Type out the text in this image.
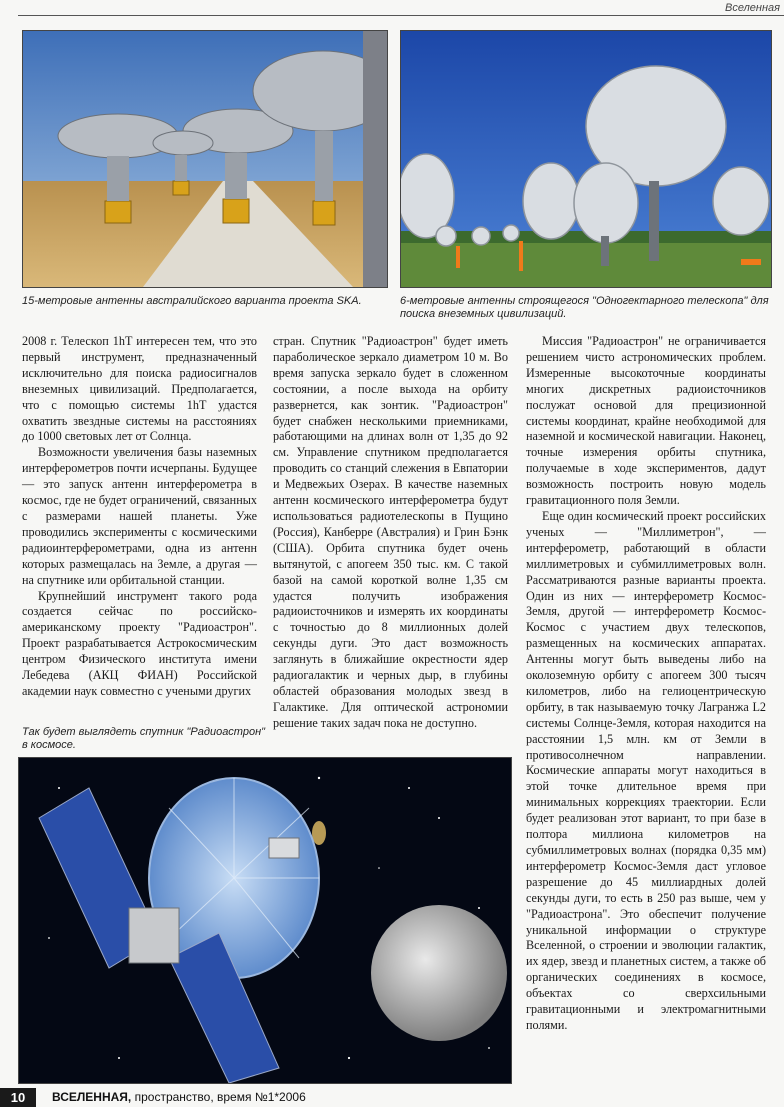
Вселенная
15-метровые антенны австралийского варианта проекта SKA.	6-метровые антенны строящегося "Одногектарного телескопа" для поиска внеземных цивилизаций.

2008 г. Телескоп 1hT интересен тем, что это первый инструмент, предназначенный исключительно для поиска радиосигналов внеземных цивилизаций. Предполагается, что с помощью системы 1hT удастся охватить звездные системы на расстояниях до 1000 световых лет от Солнца.

Возможности увеличения базы наземных интерферометров почти исчерпаны. Будущее — это запуск антенн интерферометра в космос, где не будет ограничений, связанных с размерами нашей планеты. Уже проводились эксперименты с космическими радиоинтерферометрами, одна из антенн которых размещалась на Земле, а другая — на спутнике или орбитальной станции.

Крупнейший инструмент такого рода создается сейчас по российско-американскому проекту "Радиоастрон". Проект разрабатывается Астрокосмическим центром Физического института имени Лебедева (АКЦ ФИАН) Российской академии наук совместно с учеными других

Так будет выглядеть спутник "Радиоастрон" в космосе.

стран. Спутник "Радиоастрон" будет иметь параболическое зеркало диаметром 10 м. Во время запуска зеркало будет в сложенном состоянии, а после выхода на орбиту развернется, как зонтик. "Радиоастрон" будет снабжен несколькими приемниками, работающими на длинах волн от 1,35 до 92 см. Управление спутником предполагается проводить со станций слежения в Евпатории и Медвежьих Озерах. В качестве наземных антенн космического интерферометра будут использоваться радиотелескопы в Пущино (Россия), Канберре (Австралия) и Грин Бэнк (США). Орбита спутника будет очень вытянутой, с апогеем 350 тыс. км. С такой базой на самой короткой волне 1,35 см удастся получить изображения радиоисточников и измерять их координаты с точностью до 8 миллионных долей секунды дуги. Это даст возможность заглянуть в ближайшие окрестности ядер радиогалактик и черных дыр, в глубины областей образования молодых звезд в Галактике. Для оптической астрономии решение таких задач пока не доступно.

Миссия "Радиоастрон" не ограничивается решением чисто астрономических проблем. Измеренные высокоточные координаты многих дискретных радиоисточников послужат основой для прецизионной системы координат, крайне необходимой для наземной и космической навигации. Наконец, точные измерения орбиты спутника, получаемые в ходе экспериментов, дадут возможность построить новую модель гравитационного поля Земли.

Еще один космический проект российских ученых — "Миллиметрон", — интерферометр, работающий в области миллиметровых и субмиллиметровых волн. Рассматриваются разные варианты проекта. Один из них — интерферометр Космос-Земля, другой — интерферометр Космос-Космос с участием двух телескопов, размещенных на космических аппаратах. Антенны могут быть выведены либо на околоземную орбиту с апогеем 300 тысяч километров, либо на гелиоцентрическую орбиту, в так называемую точку Лагранжа L2 системы Солнце-Земля, которая находится на расстоянии 1,5 млн. км от Земли в противосолнечном направлении. Космические аппараты могут находиться в этой точке длительное время при минимальных коррекциях траектории. Если будет реализован этот вариант, то при базе в полтора миллиона километров на субмиллиметровых волнах (порядка 0,35 мм) интерферометр Космос-Земля даст угловое разрешение до 45 миллиардных долей секунды дуги, то есть в 250 раз выше, чем у "Радиоастрона". Это обеспечит получение уникальной информации о структуре Вселенной, о строении и эволюции галактик, их ядер, звезд и планетных систем, а также об органических соединениях в космосе, объектах со сверхсильными гравитационными и электромагнитными полями.

10	ВСЕЛЕННАЯ, пространство, время №1*2006
